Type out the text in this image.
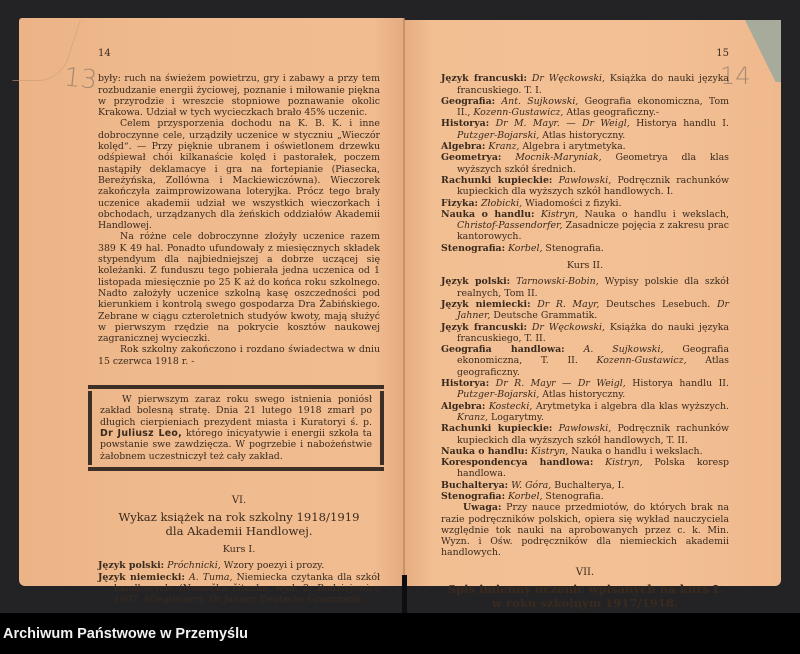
13	14
14

były: ruch na świeżem powietrzu, gry i zabawy a przy tem rozbudzanie energii życiowej, poznanie i miłowanie piękna w przyrodzie i wreszcie stopniowe poznawanie okolic Krakowa. Udział w tych wycieczkach brało 45% uczenic.

Celem przysporzenia dochodu na K. B. K. i inne dobroczynne cele, urządziły uczenice w styczniu „Wieczór kolęd“. — Przy pięknie ubranem i oświetlonem drzewku odśpiewał chói kilkanaście kolęd i pastorałek, poczem nastąpiły deklamacye i gra na fortepianie (Piasecka, Bereżyńska, Zollówna i Mackiewiczówna). Wieczorek zakończyła zaimprowizowana loteryjka. Prócz tego brały uczenice akademii udział we wszystkich wieczorkach i obchodach, urządzanych dla żeńskich oddziałów Akademii Handlowej.

Na różne cele dobroczynne złożyły uczenice razem 389 K 49 hal. Ponadto ufundowały z miesięcznych składek stypendyum dla najbiedniejszej a dobrze uczącej się koleżanki. Z funduszu tego pobierała jedna uczenica od 1 listopada miesięcznie po 25 K aż do końca roku szkolnego. Nadto założyły uczenice szkolną kasę oszczedności pod kierunkiem i kontrolą swego gospodarza Dra Żabińskiego. Zebrane w ciągu czteroletnich studyów kwoty, mają służyć w pierwszym rzędzie na pokrycie kosztów naukowej zagranicznej wycieczki.

Rok szkolny zakończono i rozdano świadectwa w dniu 15 czerwca 1918 r. -

W pierwszym zaraz roku swego istnienia poniósł zakład bolesną stratę. Dnia 21 lutego 1918 zmarł po długich cierpieniach prezydent miasta i Kuratoryi ś. p. Dr Juliusz Leo, którego inicyatywie i energii szkoła ta powstanie swe zawdzięcza. W pogrzebie i nabożeństwie żałobnem uczestniczył też cały zakład.

VI.
Wykaz książek na rok szkolny 1918/1919
dla Akademii Handlowej.
Kurs I.

Język polski: Próchnicki, Wzory poezyi i prozy.

Język niemiecki: A. Tuma, Niemiecka czytanka dla szkół handlowych. (Nemečka čitanka, wyd. 2, Budziejowice 1907. Stieglmaier). Dr Jahner, Deutsche Grammatik.

15

Język francuski: Dr Węckowski, Książka do nauki języka francuskiego. T. I.

Geografia: Ant. Sujkowski, Geografia ekonomiczna, Tom II., Kozenn-Gustawicz, Atlas geograficzny.-

Historya: Dr M. Mayr. — Dr Weigl, Historya handlu I. Putzger-Bojarski, Atlas historyczny.

Algebra: Kranz, Algebra i arytmetyka.

Geometrya: Mocnik-Maryniak, Geometrya dla klas wyższych szkół średnich.

Rachunki kupieckie: Pawłowski, Podręcznik rachunków kupieckich dla wyższych szkół handlowych. I.

Fizyka: Złobicki, Wiadomości z fizyki.

Nauka o handlu: Kistryn, Nauka o handlu i wekslach, Christof-Passendorfer, Zasadnicze pojęcia z zakresu prac kantorowych.

Stenografia: Korbel, Stenografia.

Kurs II.

Język polski: Tarnowski-Bobin, Wypisy polskie dla szkół realnych, Tom II.

Język niemiecki: Dr R. Mayr, Deutsches Lesebuch. Dr Jahner, Deutsche Grammatik.

Język francuski: Dr Węckowski, Książka do nauki języka francuskiego, T. II.

Geografia handlowa: A. Sujkowski, Geografia ekonomiczna, T. II. Kozenn-Gustawicz, Atlas geograficzny.

Historya: Dr R. Mayr — Dr Weigl, Historya handlu II. Putzger-Bojarski, Atlas historyczny.

Algebra: Kostecki, Arytmetyka i algebra dla klas wyższych. Kranz, Logarytmy.

Rachunki kupieckie: Pawłowski, Podręcznik rachunków kupieckich dla wyższych szkół handlowych, T. II.

Nauka o handlu: Kistryn, Nauka o handlu i wekslach.

Korespondencya handlowa: Kistryn, Polska koresp handlowa.

Buchalterya: W. Góra, Buchalterya, I.

Stenografia: Korbel, Stenografia.

Uwaga: Przy nauce przedmiotów, do których brak na razie podręczników polskich, opiera się wykład nauczyciela względnie tok nauki na aprobowanych przez c. k. Min. Wyzn. i Ośw. podręczników dla niemieckich akademii handlowych.

VII.
Spis imienny uczenic wpisanych na kurs I.
w roku szkolnym 1917/1918.

Archiwum Państwowe w Przemyślu
